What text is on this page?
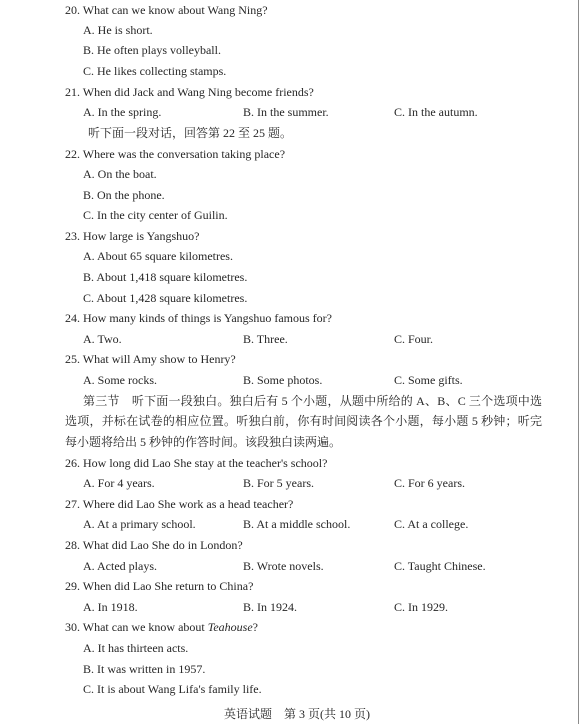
20. What can we know about Wang Ning?
A. He is short.
B. He often plays volleyball.
C. He likes collecting stamps.
21. When did Jack and Wang Ning become friends?
A. In the spring.	B. In the summer.	C. In the autumn.
听下面一段对话，回答第 22 至 25 题。
22. Where was the conversation taking place?
A. On the boat.
B. On the phone.
C. In the city center of Guilin.
23. How large is Yangshuo?
A. About 65 square kilometres.
B. About 1,418 square kilometres.
C. About 1,428 square kilometres.
24. How many kinds of things is Yangshuo famous for?
A. Two.	B. Three.	C. Four.
25. What will Amy show to Henry?
A. Some rocks.	B. Some photos.	C. Some gifts.
第三节　听下面一段独白。独白后有 5 个小题，从题中所给的 A、B、C 三个选项中选
选项，并标在试卷的相应位置。听独白前，你有时间阅读各个小题，每小题 5 秒钟；听完
每小题将给出 5 秒钟的作答时间。该段独白读两遍。
26. How long did Lao She stay at the teacher's school?
A. For 4 years.	B. For 5 years.	C. For 6 years.
27. Where did Lao She work as a head teacher?
A. At a primary school.	B. At a middle school.	C. At a college.
28. What did Lao She do in London?
A. Acted plays.	B. Wrote novels.	C. Taught Chinese.
29. When did Lao She return to China?
A. In 1918.	B. In 1924.	C. In 1929.
30. What can we know about Teahouse?
A. It has thirteen acts.
B. It was written in 1957.
C. It is about Wang Lifa's family life.
英语试题　第 3 页(共 10 页)
